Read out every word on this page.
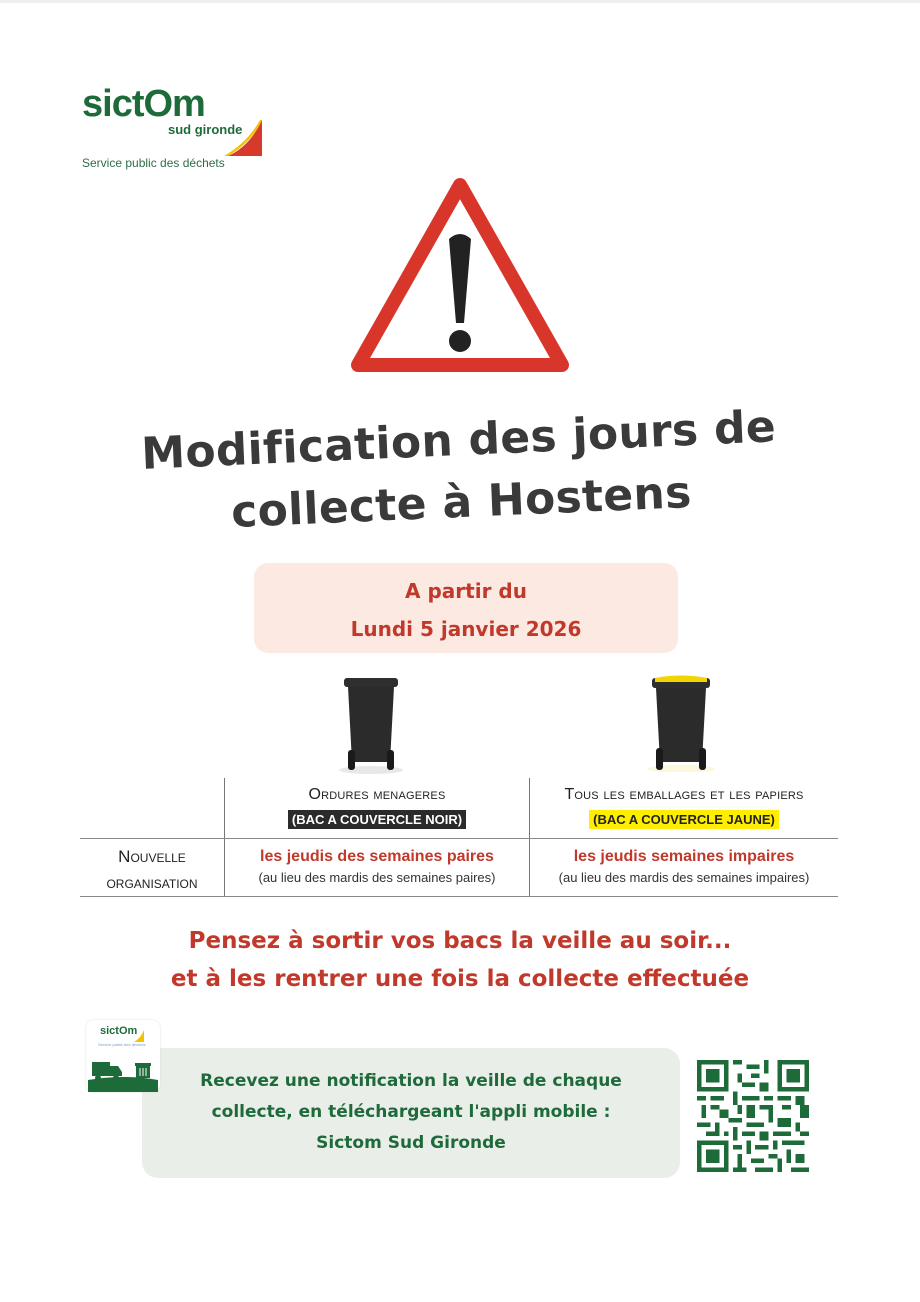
sictOm
sud gironde
Service public des déchets
Modification des jours de
collecte à Hostens
A partir du
Lundi 5 janvier 2026
Ordures menageres
(BAC A COUVERCLE NOIR)
Tous les emballages et les papiers
(BAC A COUVERCLE JAUNE)
Nouvelle
organisation
les jeudis des semaines paires
(au lieu des mardis des semaines paires)
les jeudis semaines impaires
(au lieu des mardis des semaines impaires)
Pensez à sortir vos bacs la veille au soir...
et à les rentrer une fois la collecte effectuée
Recevez une notification la veille de chaque
collecte, en téléchargeant l'appli mobile :
Sictom Sud Gironde
sictOm
Service public des déchets
